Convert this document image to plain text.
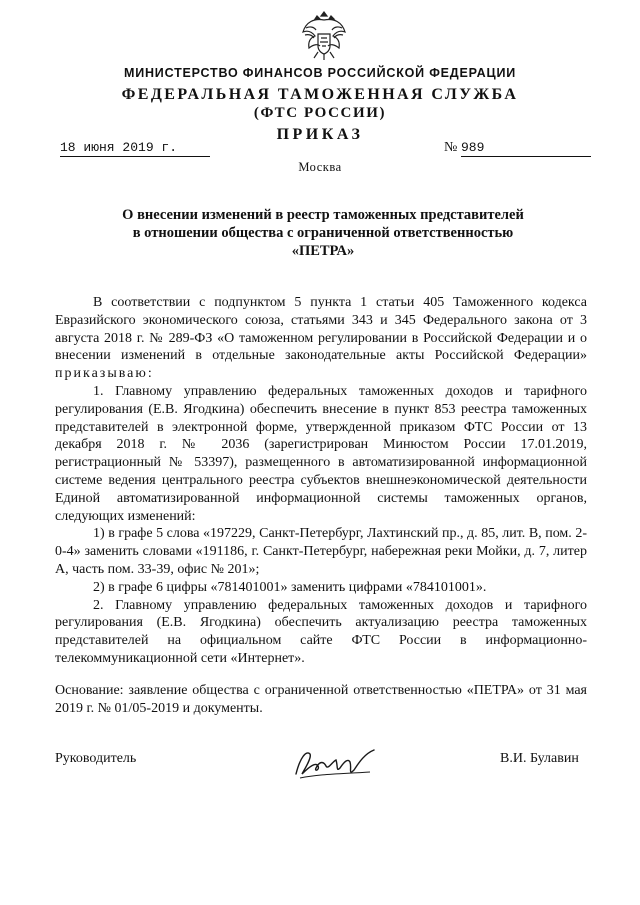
МИНИСТЕРСТВО ФИНАНСОВ РОССИЙСКОЙ ФЕДЕРАЦИИ
ФЕДЕРАЛЬНАЯ ТАМОЖЕННАЯ СЛУЖБА
(ФТС РОССИИ)
ПРИКАЗ
18 июня 2019 г.	№ 989
Москва
О внесении изменений в реестр таможенных представителей
в отношении общества с ограниченной ответственностью
«ПЕТРА»

В соответствии с подпунктом 5 пункта 1 статьи 405 Таможенного кодекса Евразийского экономического союза, статьями 343 и 345 Федерального закона от 3 августа 2018 г. № 289-ФЗ «О таможенном регулировании в Российской Федерации и о внесении изменений в отдельные законодательные акты Российской Федерации» приказываю:

1. Главному управлению федеральных таможенных доходов и тарифного регулирования (Е.В. Ягодкина) обеспечить внесение в пункт 853 реестра таможенных представителей в электронной форме, утвержденной приказом ФТС России от 13 декабря 2018 г. № 2036 (зарегистрирован Минюстом России 17.01.2019, регистрационный № 53397), размещенного в автоматизированной информационной системе ведения центрального реестра субъектов внешнеэкономической деятельности Единой автоматизированной информационной системы таможенных органов, следующих изменений:

1) в графе 5 слова «197229, Санкт-Петербург, Лахтинский пр., д. 85, лит. В, пом. 2-0-4» заменить словами «191186, г. Санкт-Петербург, набережная реки Мойки, д. 7, литер А, часть пом. 33-39, офис № 201»;

2) в графе 6 цифры «781401001» заменить цифрами «784101001».

2. Главному управлению федеральных таможенных доходов и тарифного регулирования (Е.В. Ягодкина) обеспечить актуализацию реестра таможенных представителей на официальном сайте ФТС России в информационно-телекоммуникационной сети «Интернет».

Основание: заявление общества с ограниченной ответственностью «ПЕТРА» от 31 мая 2019 г. № 01/05-2019 и документы.
Руководитель	В.И. Булавин
